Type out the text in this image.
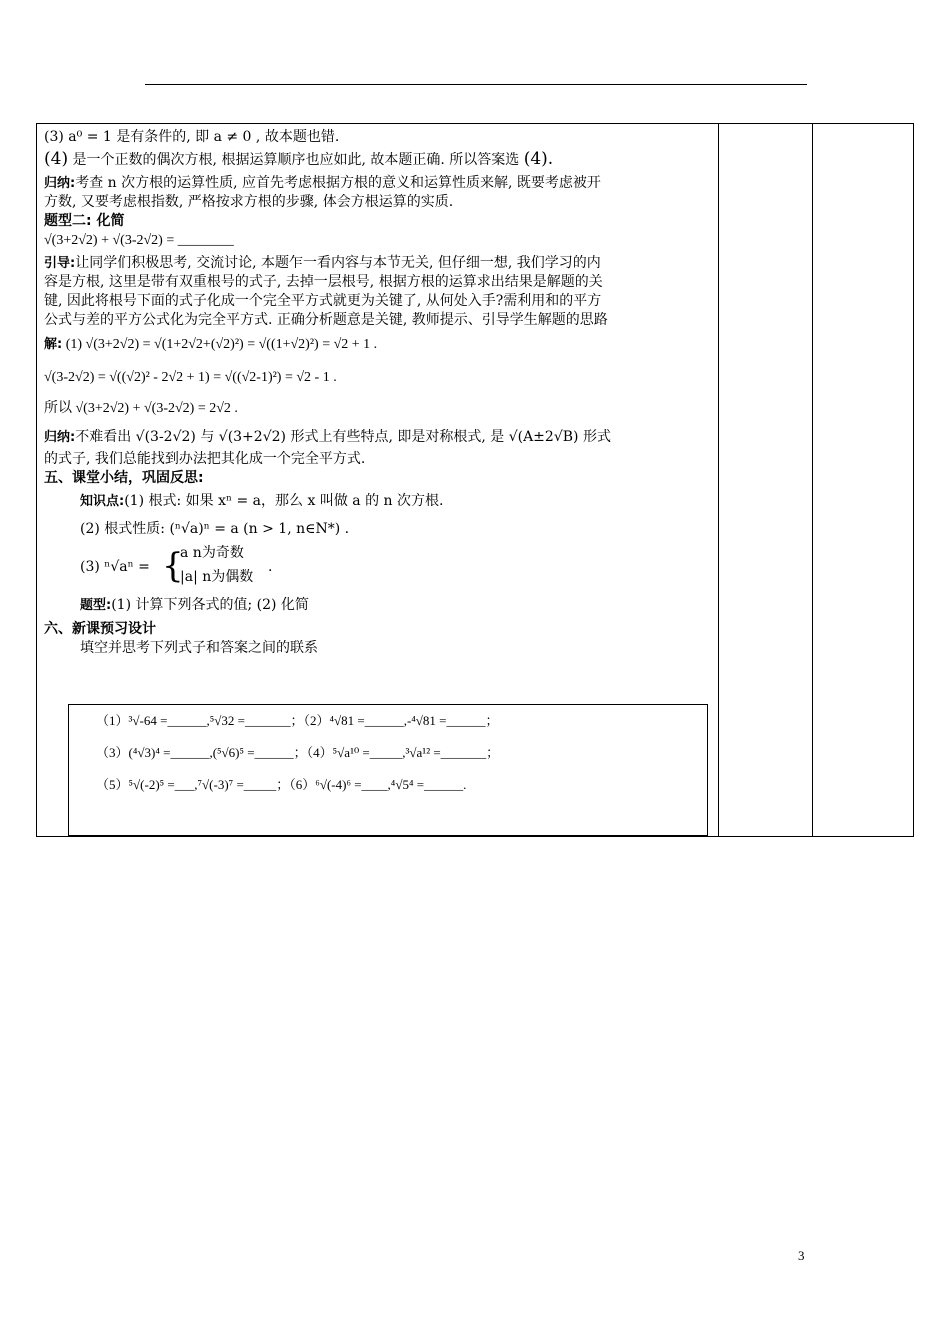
(3) a⁰ = 1 是有条件的, 即 a ≠ 0 , 故本题也错.

(4) 是一个正数的偶次方根, 根据运算顺序也应如此, 故本题正确. 所以答案选 (4).

归纳:考查 n 次方根的运算性质, 应首先考虑根据方根的意义和运算性质来解, 既要考虑被开

方数, 又要考虑根指数, 严格按求方根的步骤, 体会方根运算的实质.

题型二: 化简

√(3+2√2) + √(3-2√2) = ________

引导:让同学们积极思考, 交流讨论, 本题乍一看内容与本节无关, 但仔细一想, 我们学习的内

容是方根, 这里是带有双重根号的式子, 去掉一层根号, 根据方根的运算求出结果是解题的关

键, 因此将根号下面的式子化成一个完全平方式就更为关键了, 从何处入手?需利用和的平方

公式与差的平方公式化为完全平方式. 正确分析题意是关键, 教师提示、引导学生解题的思路

解: (1) √(3+2√2) = √(1+2√2+(√2)²) = √((1+√2)²) = √2 + 1 .

√(3-2√2) = √((√2)² - 2√2 + 1) = √((√2-1)²) = √2 - 1 .

所以 √(3+2√2) + √(3-2√2) = 2√2 .

归纳:不难看出 √(3-2√2) 与 √(3+2√2) 形式上有些特点, 即是对称根式, 是 √(A±2√B) 形式

的式子, 我们总能找到办法把其化成一个完全平方式.

五、课堂小结，巩固反思:

知识点:(1) 根式: 如果 xⁿ = a，那么 x 叫做 a 的 n 次方根.

(2) 根式性质: (ⁿ√a)ⁿ = a (n > 1, n∈N*) .

(3) ⁿ√aⁿ = {
a n为奇数
|a| n为偶数
.

题型:(1) 计算下列各式的值; (2) 化简

六、新课预习设计

填空并思考下列式子和答案之间的联系

（1）³√-64 =______,⁵√32 =_______；（2）⁴√81 =______,-⁴√81 =______；
（3）(⁴√3)⁴ =______,(⁵√6)⁵ =______；（4）⁵√a¹⁰ =_____,³√a¹² =_______；
（5）⁵√(-2)⁵ =___,⁷√(-3)⁷ =_____；（6）⁶√(-4)⁶ =____,⁴√5⁴ =______.
3
